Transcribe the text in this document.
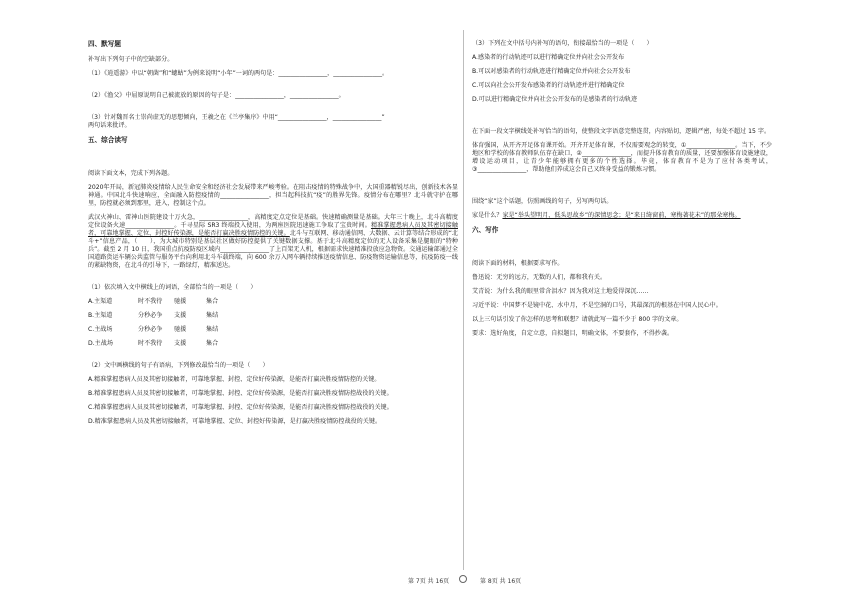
四、默写题
补写出下列句子中的空缺部分。
（1）《逍遥游》中以“朝菌”和“蟪蛄”为例来说明“小年”一词的两句是：________________，________________。
（2）《渔父》中屈原说明自己被流放的原因的句子是：________________，________________。
（3）针对魏晋名士崇尚虚无的思想倾向，王羲之在《兰亭集序》中用“________________，________________”
两句话来批评。
五、综合读写
阅读下面文本，完成下列各题。
2020年开局，新冠肺炎疫情给人民生命安全和经济社会发展带来严峻考验。在阻击疫情的特殊战争中，大国重器精锐尽出，创新技术各显神通。中国北斗快速响应，全面融入防控疫情的________________，担当起科技抗“疫”的胜界先锋。疫情分布在哪里？北斗就守护在哪里，防控就必须到那里，进入，控制这个点。
武汉火神山、雷神山医院建设十万火急，________________，高精度定点定位是基础。快速精确测量是基础。大年三十晚上，北斗高精度定位设备火速________________。千寻星际 SR3 终端投入使用，为两座医院迅速施工争取了宝贵时间。精准掌握患病人员及其密切接触者，可靠地掌握、定位、封控好传染源，是能否打赢决胜疫情防控的关键。北斗与互联网、移动通信网、大数据、云计算等结合形成的“北斗+”信息产品，（　　），为大城市特别是基层社区做好防控提供了关键数据支撑。基于北斗高精度定位的无人设备采集是腿眼的“特种兵”。截至 2 月 10 日，我国重点抗疫防疫区域内________________了上百架无人机，根据需求快速精准投放应急物资。交通运输部通过全国道路货运车辆公共监管与服务平台向利用北斗车载终端，向 600 余万入网车辆持续推送疫情信息、防疫物资运输信息等，抗疫防疫一线的紧缺物资，在北斗的引导下，一路绿灯，精准送达。
（1）依次填入文中横线上的词语，全部恰当的一项是（　　）
A.主渠道	时不我待	驰援	集合
B.主渠道	分秒必争	支援	集结
C.主战场	分秒必争	驰援	集结
D.主战场	时不我待	支援	集合
（2）文中画横线的句子有语病，下列修改最恰当的一项是（　　）
A.精准掌握患病人员及其密切接触者，可靠地掌握、封控、定位好传染源，是能否打赢决胜疫情防控的关键。
B.精准掌握患病人员及其密切接触者，可靠地掌握、封控、定位好传染源，是能否打赢决胜疫情防控战役的关键。
C.精准掌握患病人员及其密切接触者，可靠地掌握、封控、定位好传染源，是能否打赢决胜疫情防控战役的关键。
D.精准掌握患病人员及其密切接触者，可靠地掌握、定位、封控好传染源，是打赢决胜疫情防控战役的关键。
（3）下列在文中括号内补写的语句，衔接最恰当的一项是（　　）
A.感染者的行动轨迹可以进行精确定位并向社会公开发布
B.可以对感染者的行动轨迹进行精确定位并向社会公开发布
C.可以向社会公开发布感染者的行动轨迹并进行精确定位
D.可以进行精确定位并向社会公开发布的是感染者的行动轨迹
在下面一段文字横线处补写恰当的语句，使整段文字语意完整连贯，内容贴切，逻辑严密，每处不超过 15 字。
体育强国，从开齐开足体育课开始。开齐开足体育课，不仅需要观念的转变，①________________。当下，不少地区和学校的体育教师队伍存在缺口，②________________，而提升体育教育的质量，还要加强体育设施建设，增设运动项目，让青少年能够拥有更多的个性选择。毕竟，体育教育不是为了应付各类考试，③________________，帮助他们养成这会自己又终身受益的锻炼习惯。
围绕“家”这个话题，仿照画线的句子，另写两句话。
家是什么？家是“举头望明月，低头思故乡”的深情思念；是“来日绮窗前，寒梅著花未”的那朵寒梅。
六、写作
阅读下面的材料，根据要求写作。
鲁迅说：无穷的远方，无数的人们，都和我有关。
艾青说：为什么我的眼里常含泪水？因为我对这土地爱得深沉……
习近平说：中国梦不是镜中花、水中月，不是空洞的口号，其最深沉的根基在中国人民心中。
以上三句话引发了你怎样的思考和联想？请就此写一篇不少于 800 字的文章。
要求：选好角度，自定立意，自拟题目，明确文体，不要套作，不得抄袭。
第 7页 共 16页	第 8页 共 16页
